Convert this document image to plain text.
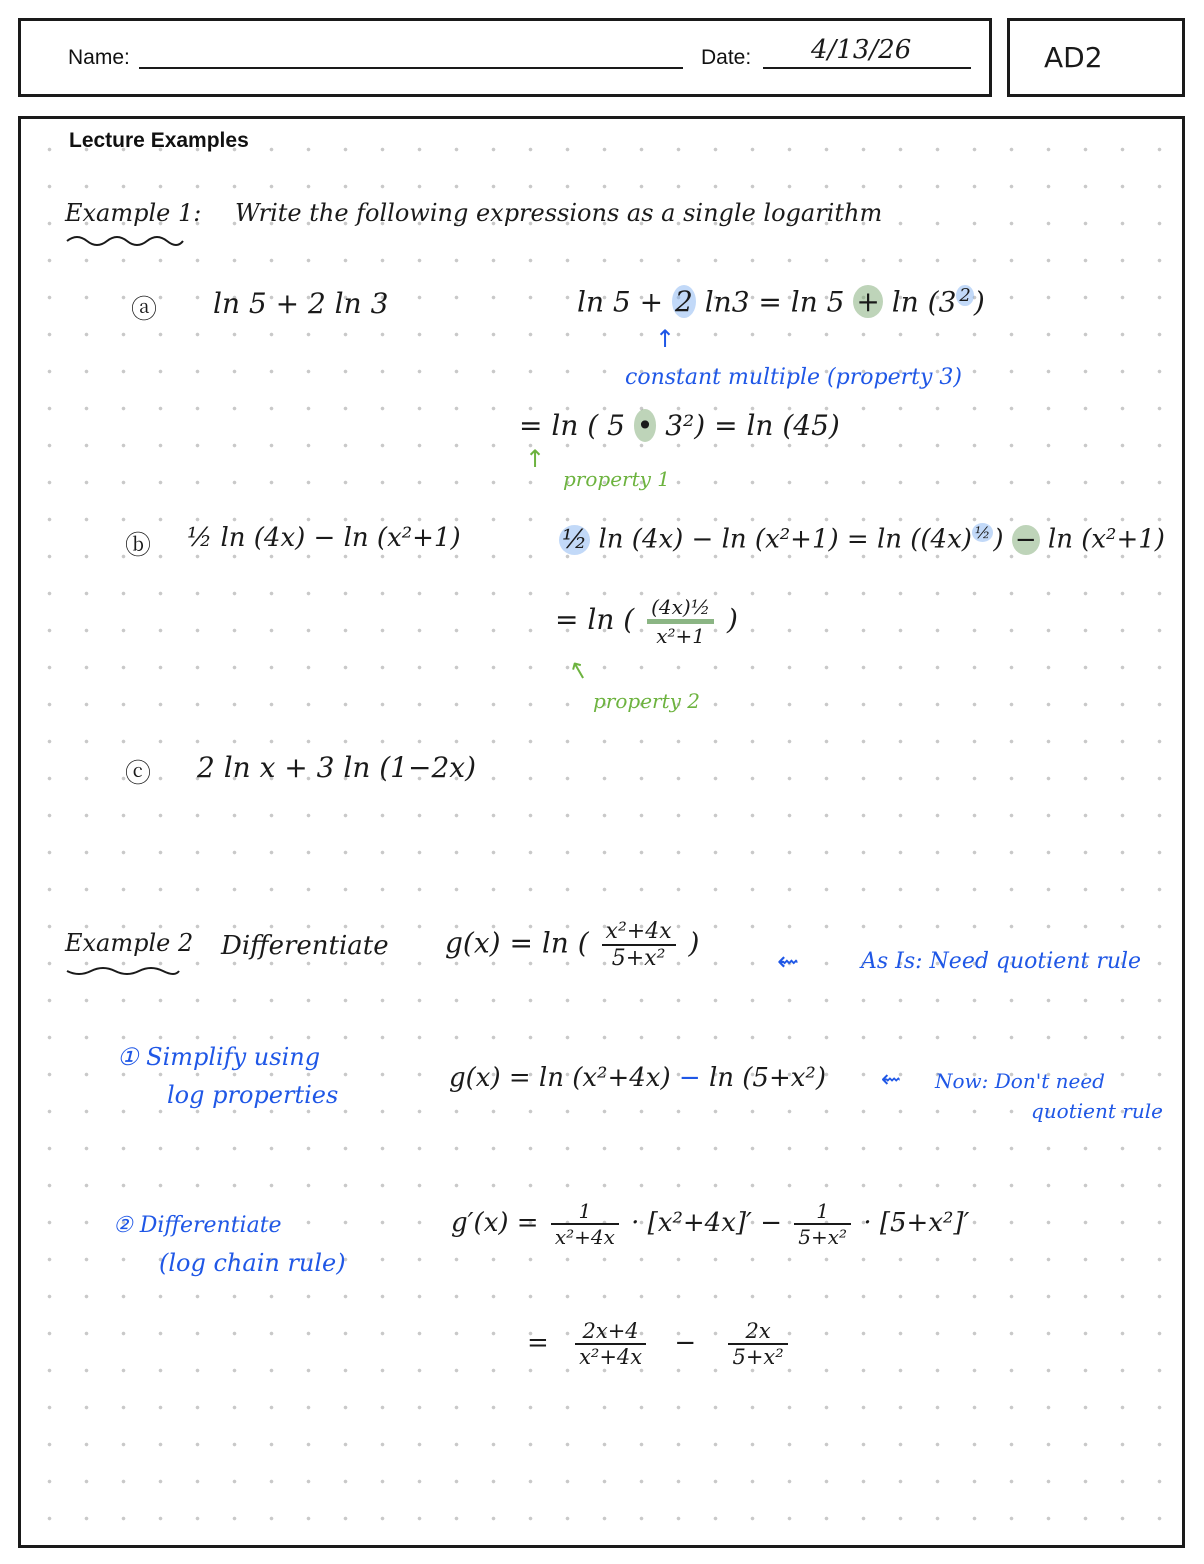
Name:	Date: 4/13/26	AD2
Lecture Examples
Example 1: Write the following expressions as a single logarithm
ⓐ ln 5 + 2 ln 3	ln 5 + 2 ln3 = ln 5 + ln (3 $^2$ )
↑
constant multiple (property 3)
= ln ( 5 • 3²) = ln (45)
↑
property 1
ⓑ ½ ln (4x) − ln (x²+1)	½ ln (4x) − ln (x²+1) = ln ((4x) $^{\frac{1}{2}}$ ) − ln (x²+1)
= ln ( $\frac{\text{(4x)½}}{\text{x²+1}}$ )
↑
property 2
ⓒ 2 ln x + 3 ln (1−2x)
Example 2 Differentiate g(x) = ln ( $\frac{\text{x²+4x}}{\text{5+x²}}$ )
⇜	As Is: Need quotient rule
① Simplify using
log properties
g(x) = ln (x²+4x) − ln (5+x²) ⇜ Now: Don't need
quotient rule
② Differentiate
(log chain rule)
$g'(x) = \frac{1}{\text{x²+4x}} \cdot [x^2+4x]' - \frac{1}{\text{5+x²}} \cdot [5+x^2]'$
= $\frac{2x+4}{\text{x²+4x}} - \frac{2x}{\text{5+x²}}$
